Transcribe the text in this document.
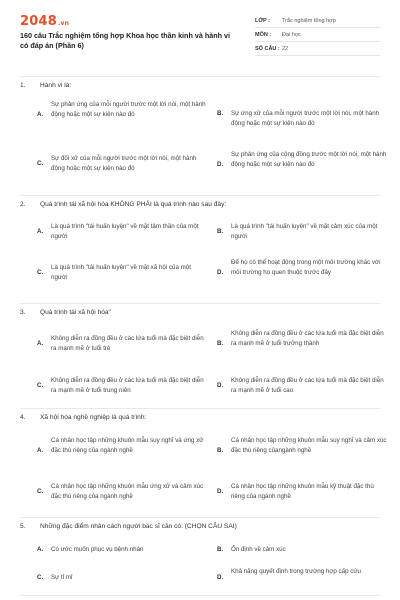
2048.vn
160 câu Trắc nghiệm tổng hợp Khoa học thần kinh và hành vi có đáp án (Phần 6)
LỚP :	Trắc nghiệm tổng hợp
MÔN :	Đại học
SỐ CÂU : 22
1. Hành vi là:
A.
Sự phản ứng của mỗi người trước một lời nói, một hành động hoặc một sự kiện nào đó	B. Sự ứng xử của mỗi người trước một lời nói, một hành động hoặc một sự kiện nào đó
C.
Sự đối xử của mỗi người trước một lời nói, một hành động hoặc một sự kiện nào đó
D.
Sự phản ứng của cộng đồng trước một lời nói, một hành động hoặc một sự kiện nào đó
2. Quá trình tái xã hội hóa KHÔNG PHẢI là quá trình nào sau đây:
A.
Là quá trình "tái huấn luyện" về mặt tâm thần của một người
B.
Là quá trình "tái huấn luyện" về mặt cảm xúc của một người
C.
Là quá trình "tái huấn luyện" về mặt xã hội của một người
D.
Để họ có thể hoạt động trong một môi trường khác với môi trường họ quen thuộc trước đây
3. Quá trình tái xã hội hóa"
A.
Không diễn ra đồng đều ở các lứa tuổi mà đặc biệt diễn ra mạnh mẽ ở tuổi trẻ
B.
Không diễn ra đồng đều ở các lứa tuổi mà đặc biệt diễn ra mạnh mẽ ở tuổi trưởng thành
C.
Không diễn ra đồng đều ở các lứa tuổi mà đặc biệt diễn ra mạnh mẽ ở tuổi trung niên
D.
Không diễn ra đồng đều ở các lứa tuổi mà đặc biệt diễn ra mạnh mẽ ở tuổi cao
4. Xã hội hóa nghề nghiệp là quá trình:
A.
Cá nhân học tập những khuôn mẫu suy nghĩ và ứng xử đặc thù riêng của ngành nghề	B.
Cá nhân học tập những khuôn mẫu suy nghĩ và cảm xúc đặc thù riêng củangành nghề
C.
Cá nhân học tập những khuôn mẫu ứng xử và cảm xúc đặc thù riêng của ngành nghề
D.
Cá nhân học tập những khuôn mẫu kỹ thuật đặc thù riêng của ngành nghề
5. Những đặc điểm nhân cách người bác sĩ cần có: (CHỌN CÂU SAI)
A. Có ước muốn phục vụ bệnh nhân	B. Ổn định về cảm xúc
C. Sự tỉ mỉ	D.
Khả năng quyết định trong trường hợp cấp cứu
